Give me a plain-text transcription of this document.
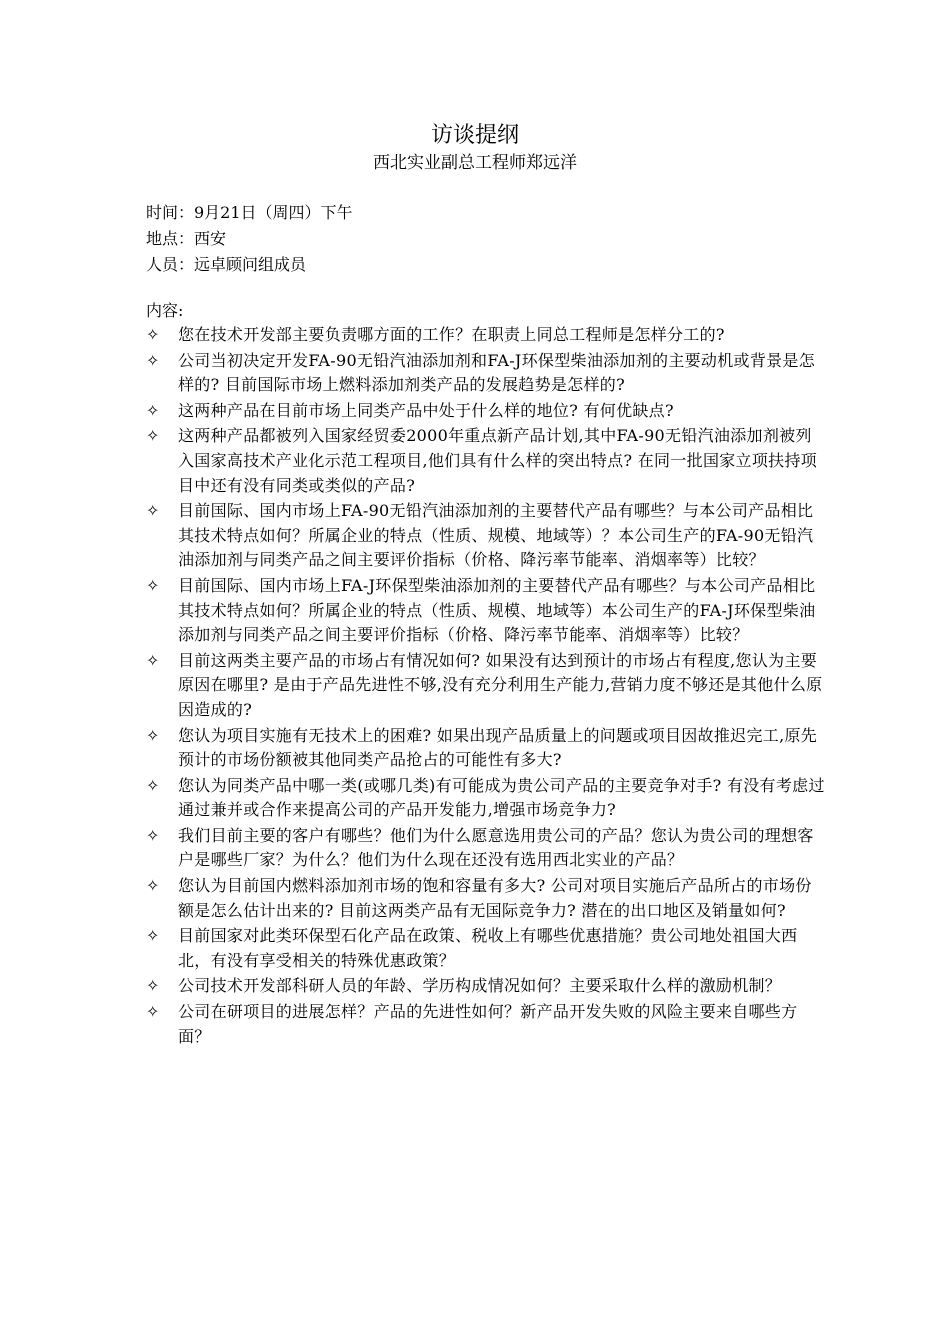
访谈提纲
西北实业副总工程师郑远洋
时间：9月21日（周四）下午
地点：西安
人员：远卓顾问组成员
内容:
✧ 您在技术开发部主要负责哪方面的工作？在职责上同总工程师是怎样分工的?
✧ 公司当初决定开发FA-90无铅汽油添加剂和FA-J环保型柴油添加剂的主要动机或背景是怎样的? 目前国际市场上燃料添加剂类产品的发展趋势是怎样的?
✧ 这两种产品在目前市场上同类产品中处于什么样的地位? 有何优缺点?
✧ 这两种产品都被列入国家经贸委2000年重点新产品计划,其中FA-90无铅汽油添加剂被列入国家高技术产业化示范工程项目,他们具有什么样的突出特点? 在同一批国家立项扶持项目中还有没有同类或类似的产品?
✧ 目前国际、国内市场上FA-90无铅汽油添加剂的主要替代产品有哪些？与本公司产品相比其技术特点如何？所属企业的特点（性质、规模、地域等）？本公司生产的FA-90无铅汽油添加剂与同类产品之间主要评价指标（价格、降污率节能率、消烟率等）比较？
✧ 目前国际、国内市场上FA-J环保型柴油添加剂的主要替代产品有哪些？与本公司产品相比其技术特点如何？所属企业的特点（性质、规模、地域等）本公司生产的FA-J环保型柴油添加剂与同类产品之间主要评价指标（价格、降污率节能率、消烟率等）比较？
✧ 目前这两类主要产品的市场占有情况如何? 如果没有达到预计的市场占有程度,您认为主要原因在哪里? 是由于产品先进性不够,没有充分利用生产能力,营销力度不够还是其他什么原因造成的?
✧ 您认为项目实施有无技术上的困难? 如果出现产品质量上的问题或项目因故推迟完工,原先预计的市场份额被其他同类产品抢占的可能性有多大?
✧ 您认为同类产品中哪一类(或哪几类)有可能成为贵公司产品的主要竞争对手? 有没有考虑过通过兼并或合作来提高公司的产品开发能力,增强市场竞争力?
✧ 我们目前主要的客户有哪些？他们为什么愿意选用贵公司的产品？您认为贵公司的理想客户是哪些厂家？为什么？他们为什么现在还没有选用西北实业的产品？
✧ 您认为目前国内燃料添加剂市场的饱和容量有多大? 公司对项目实施后产品所占的市场份额是怎么估计出来的? 目前这两类产品有无国际竞争力? 潜在的出口地区及销量如何?
✧ 目前国家对此类环保型石化产品在政策、税收上有哪些优惠措施？贵公司地处祖国大西北，有没有享受相关的特殊优惠政策？
✧ 公司技术开发部科研人员的年龄、学历构成情况如何？主要采取什么样的激励机制？
✧ 公司在研项目的进展怎样？产品的先进性如何？新产品开发失败的风险主要来自哪些方面？
